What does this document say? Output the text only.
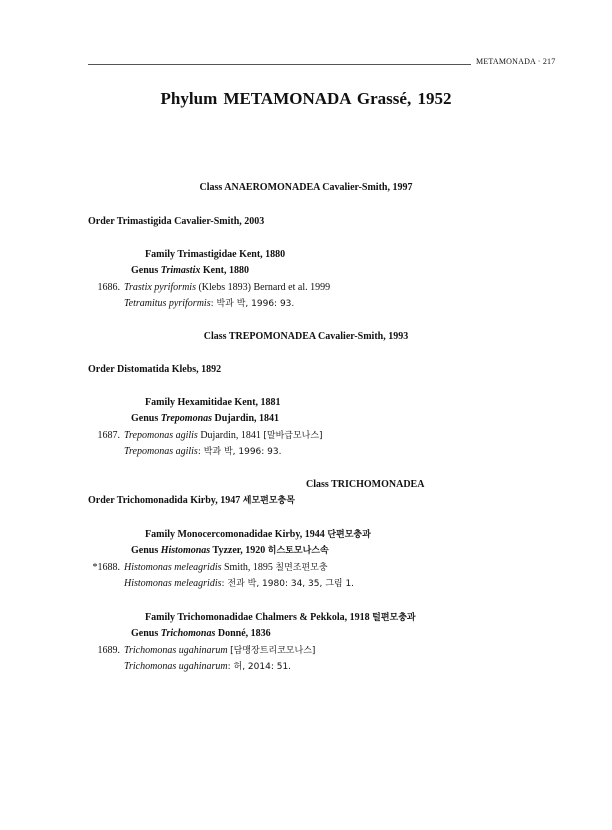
METAMONADA · 217
Phylum METAMONADA Grassé, 1952
Class ANAEROMONADEA Cavalier-Smith, 1997
Order Trimastigida Cavalier-Smith, 2003
Family Trimastigidae Kent, 1880
Genus Trimastix Kent, 1880
1686. Trastix pyriformis (Klebs 1893) Bernard et al. 1999
Tetramitus pyriformis: 박과 박, 1996: 93.
Class TREPOMONADEA Cavalier-Smith, 1993
Order Distomatida Klebs, 1892
Family Hexamitidae Kent, 1881
Genus Trepomonas Dujardin, 1841
1687. Trepomonas agilis Dujardin, 1841 [말바급모나스]
Trepomonas agilis: 박과 박, 1996: 93.
Class TRICHOMONADEA
Order Trichomonadida Kirby, 1947 세모편모충목
Family Monocercomonadidae Kirby, 1944 단편모충과
Genus Histomonas Tyzzer, 1920 히스토모나스속
*1688. Histomonas meleagridis Smith, 1895 칠면조편모충
Histomonas meleagridis: 전과 박, 1980: 34, 35, 그림 1.
Family Trichomonadidae Chalmers & Pekkola, 1918 털편모충과
Genus Trichomonas Donné, 1836
1689. Trichomonas ugahinarum [담맹장트리코모나스]
Trichomonas ugahinarum: 허, 2014: 51.
